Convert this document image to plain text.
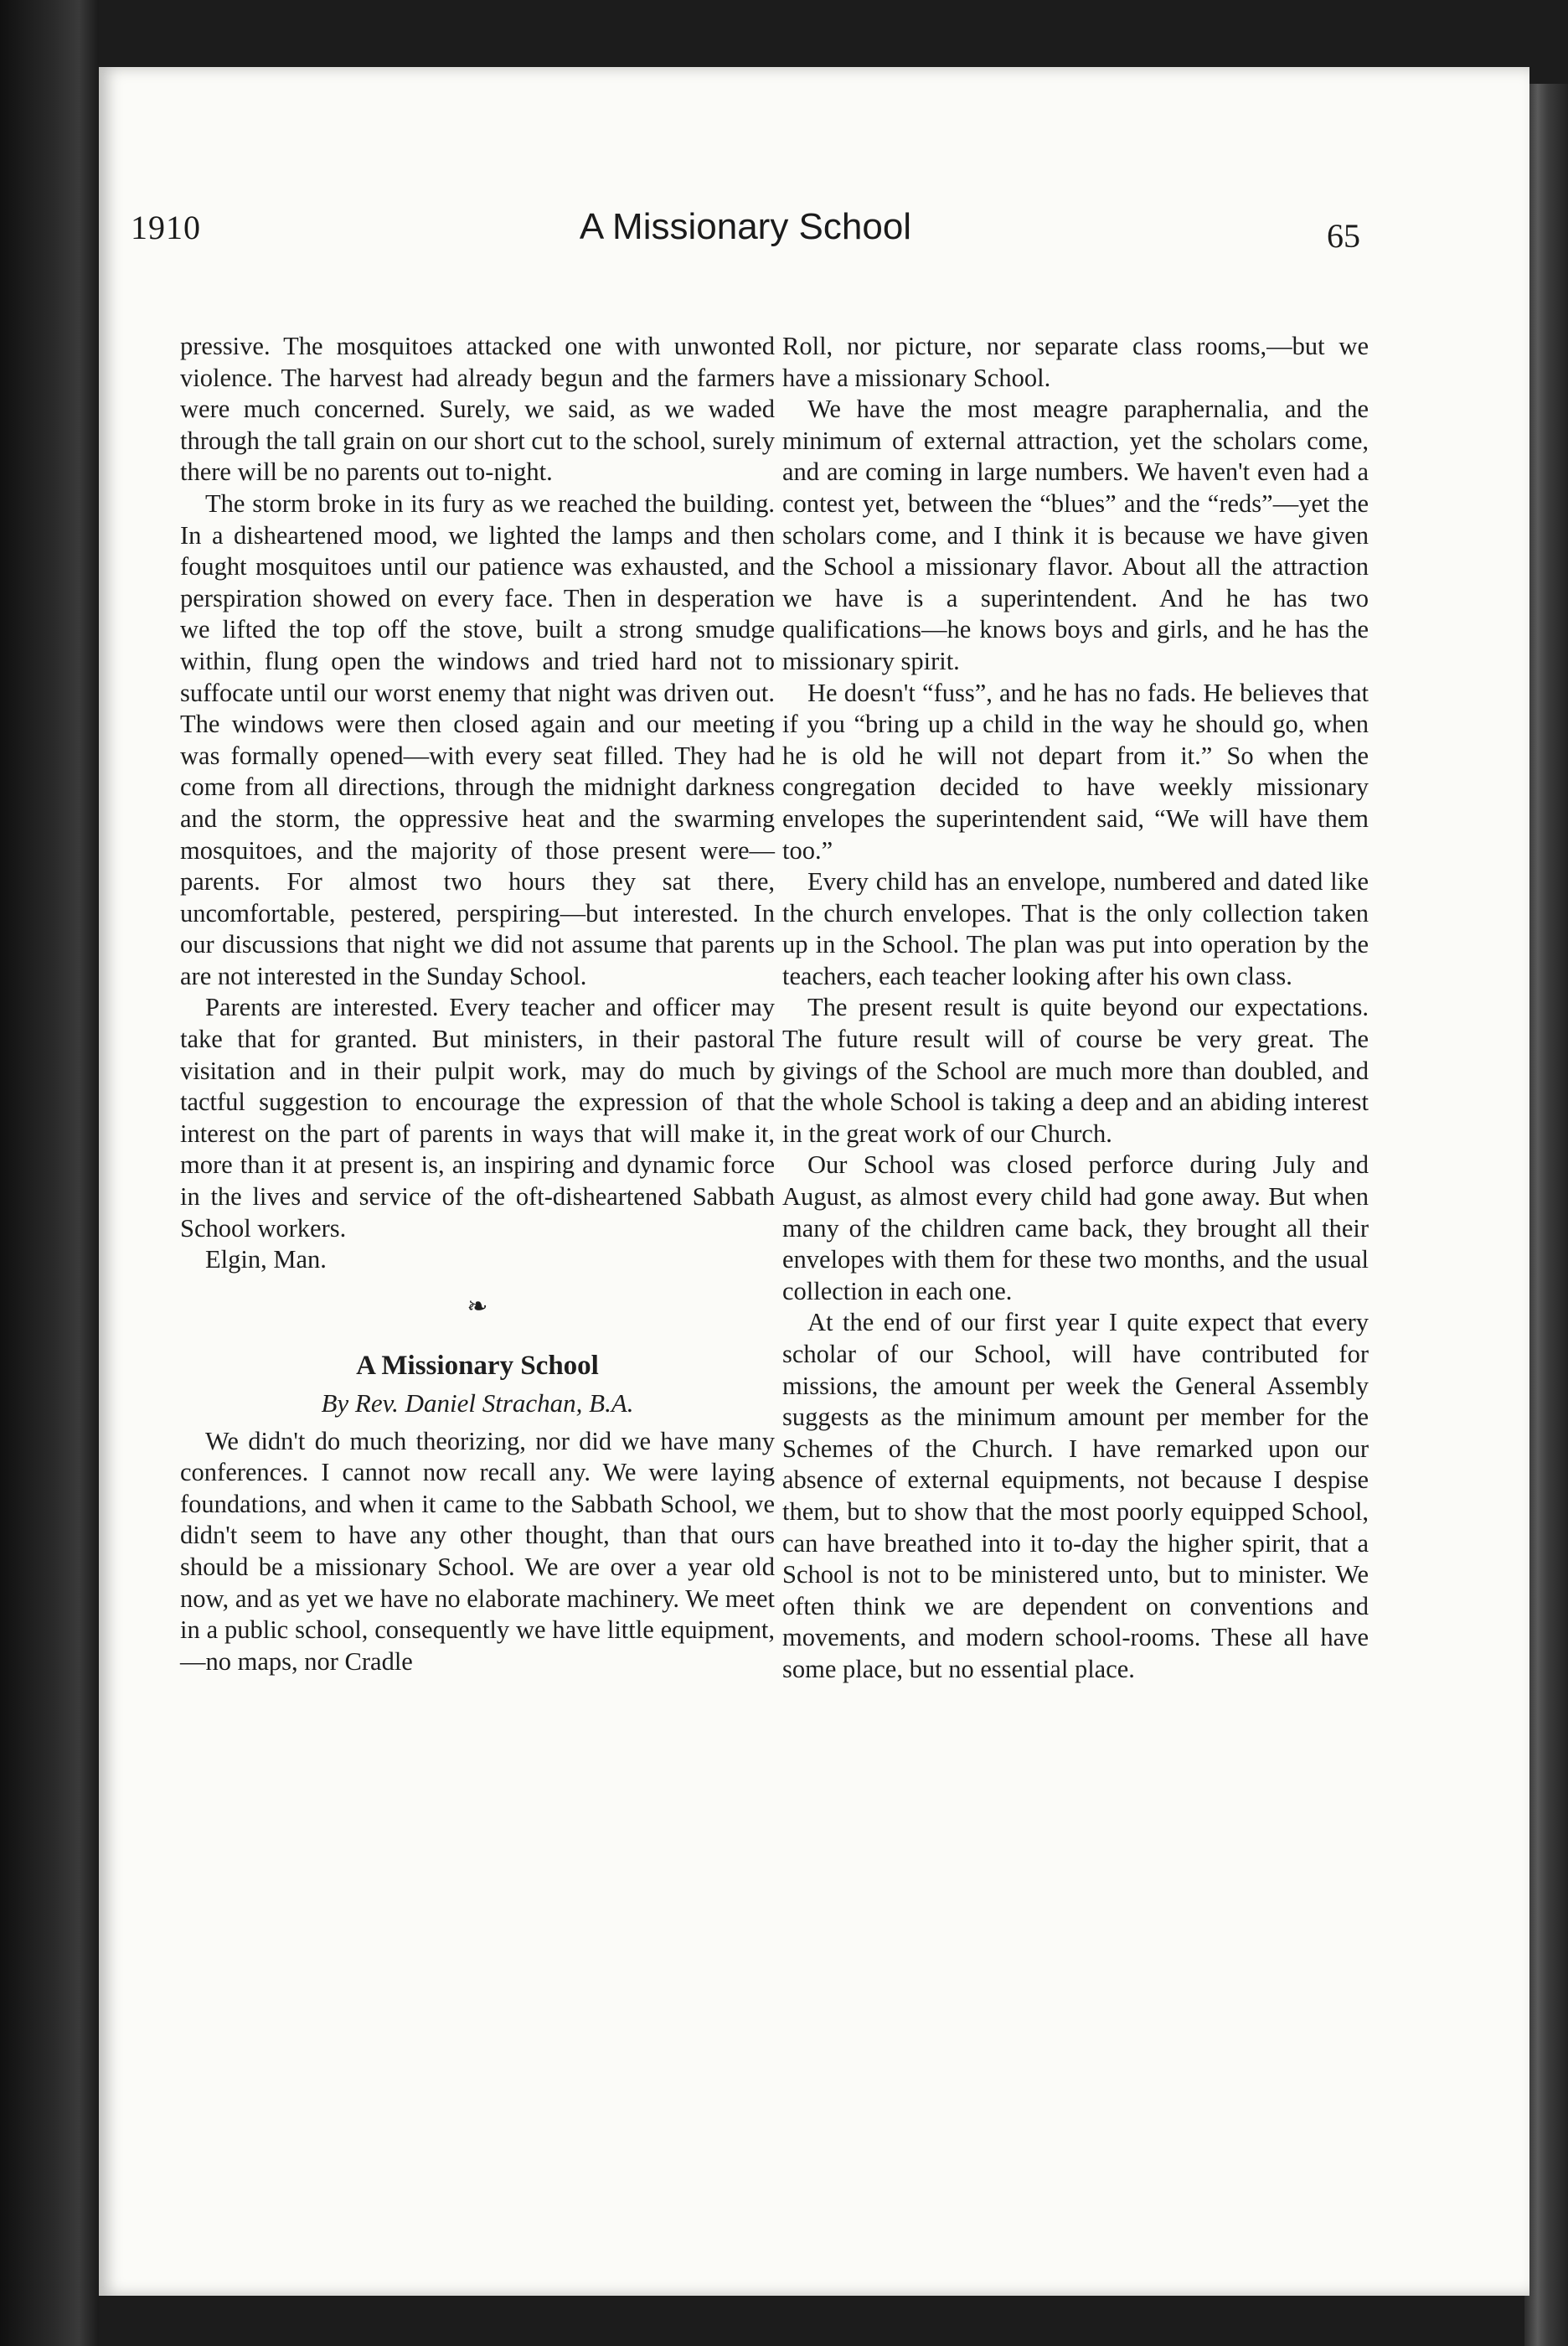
1910	A Missionary School	65

pressive. The mosquitoes attacked one with unwonted violence. The harvest had already begun and the farmers were much concerned. Surely, we said, as we waded through the tall grain on our short cut to the school, surely there will be no parents out to-night.

The storm broke in its fury as we reached the building. In a disheartened mood, we lighted the lamps and then fought mosquitoes until our patience was exhausted, and perspiration showed on every face. Then in desperation we lifted the top off the stove, built a strong smudge within, flung open the windows and tried hard not to suffocate until our worst enemy that night was driven out. The windows were then closed again and our meeting was formally opened—with every seat filled. They had come from all directions, through the midnight darkness and the storm, the oppressive heat and the swarming mosquitoes, and the majority of those present were—parents. For almost two hours they sat there, uncomfortable, pestered, perspiring—but interested. In our discussions that night we did not assume that parents are not interested in the Sunday School.

Parents are interested. Every teacher and officer may take that for granted. But ministers, in their pastoral visitation and in their pulpit work, may do much by tactful suggestion to encourage the expression of that interest on the part of parents in ways that will make it, more than it at present is, an inspiring and dynamic force in the lives and service of the oft-disheartened Sabbath School workers.

Elgin, Man.

❧
A Missionary School
By Rev. Daniel Strachan, B.A.

We didn't do much theorizing, nor did we have many conferences. I cannot now recall any. We were laying foundations, and when it came to the Sabbath School, we didn't seem to have any other thought, than that ours should be a missionary School. We are over a year old now, and as yet we have no elaborate machinery. We meet in a public school, consequently we have little equipment,—no maps, nor Cradle

Roll, nor picture, nor separate class rooms,—but we have a missionary School.

We have the most meagre paraphernalia, and the minimum of external attraction, yet the scholars come, and are coming in large numbers. We haven't even had a contest yet, between the “blues” and the “reds”—yet the scholars come, and I think it is because we have given the School a missionary flavor. About all the attraction we have is a superintendent. And he has two qualifications—he knows boys and girls, and he has the missionary spirit.

He doesn't “fuss”, and he has no fads. He believes that if you “bring up a child in the way he should go, when he is old he will not depart from it.” So when the congregation decided to have weekly missionary envelopes the superintendent said, “We will have them too.”

Every child has an envelope, numbered and dated like the church envelopes. That is the only collection taken up in the School. The plan was put into operation by the teachers, each teacher looking after his own class.

The present result is quite beyond our expectations. The future result will of course be very great. The givings of the School are much more than doubled, and the whole School is taking a deep and an abiding interest in the great work of our Church.

Our School was closed perforce during July and August, as almost every child had gone away. But when many of the children came back, they brought all their envelopes with them for these two months, and the usual collection in each one.

At the end of our first year I quite expect that every scholar of our School, will have contributed for missions, the amount per week the General Assembly suggests as the minimum amount per member for the Schemes of the Church. I have remarked upon our absence of external equipments, not because I despise them, but to show that the most poorly equipped School, can have breathed into it to-day the higher spirit, that a School is not to be ministered unto, but to minister. We often think we are dependent on conventions and movements, and modern school-rooms. These all have some place, but no essential place.
